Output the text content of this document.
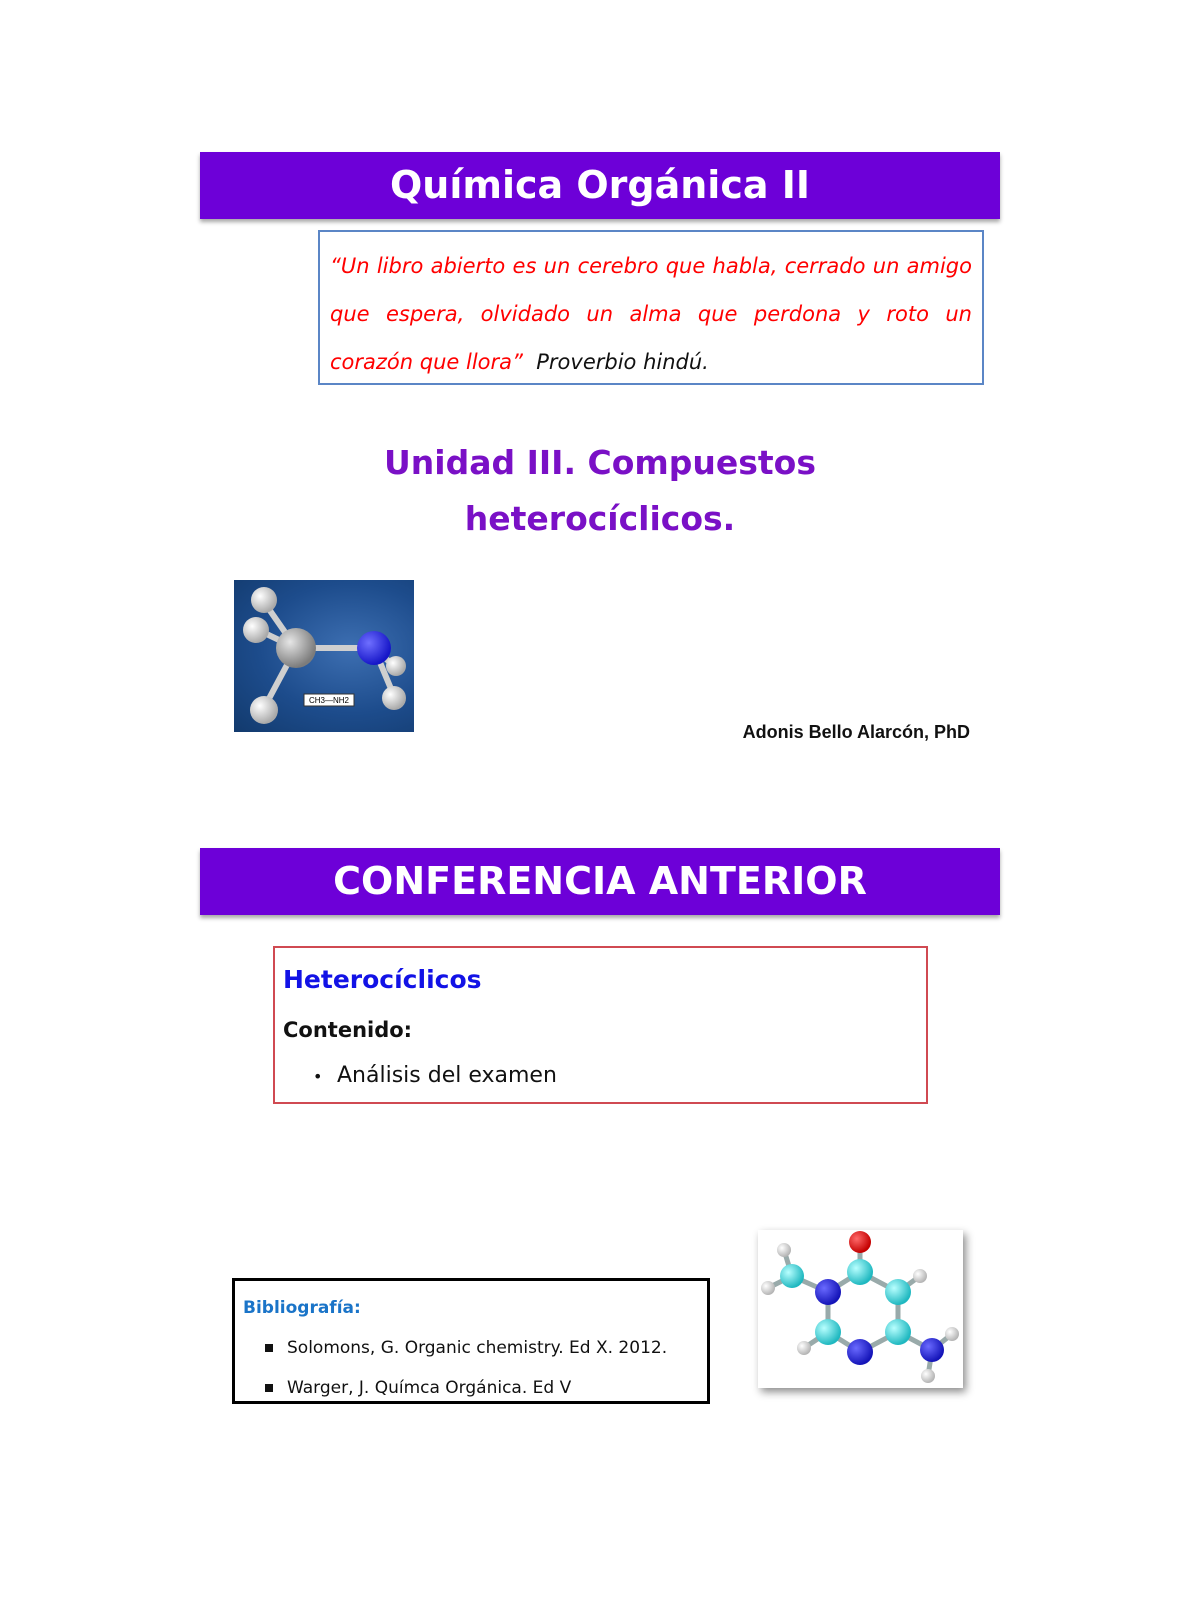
Química Orgánica II
“Un libro abierto es un cerebro que habla, cerrado un amigo que espera, olvidado un alma que perdona y roto un corazón que llora” Proverbio hindú.
Unidad III. Compuestos
heterocíclicos.
CH3—NH2
Adonis Bello Alarcón, PhD
CONFERENCIA ANTERIOR
Heterocíclicos
Contenido:
• Análisis del examen
Bibliografía:
Solomons, G. Organic chemistry. Ed X. 2012.
Warger, J. Químca Orgánica. Ed V
